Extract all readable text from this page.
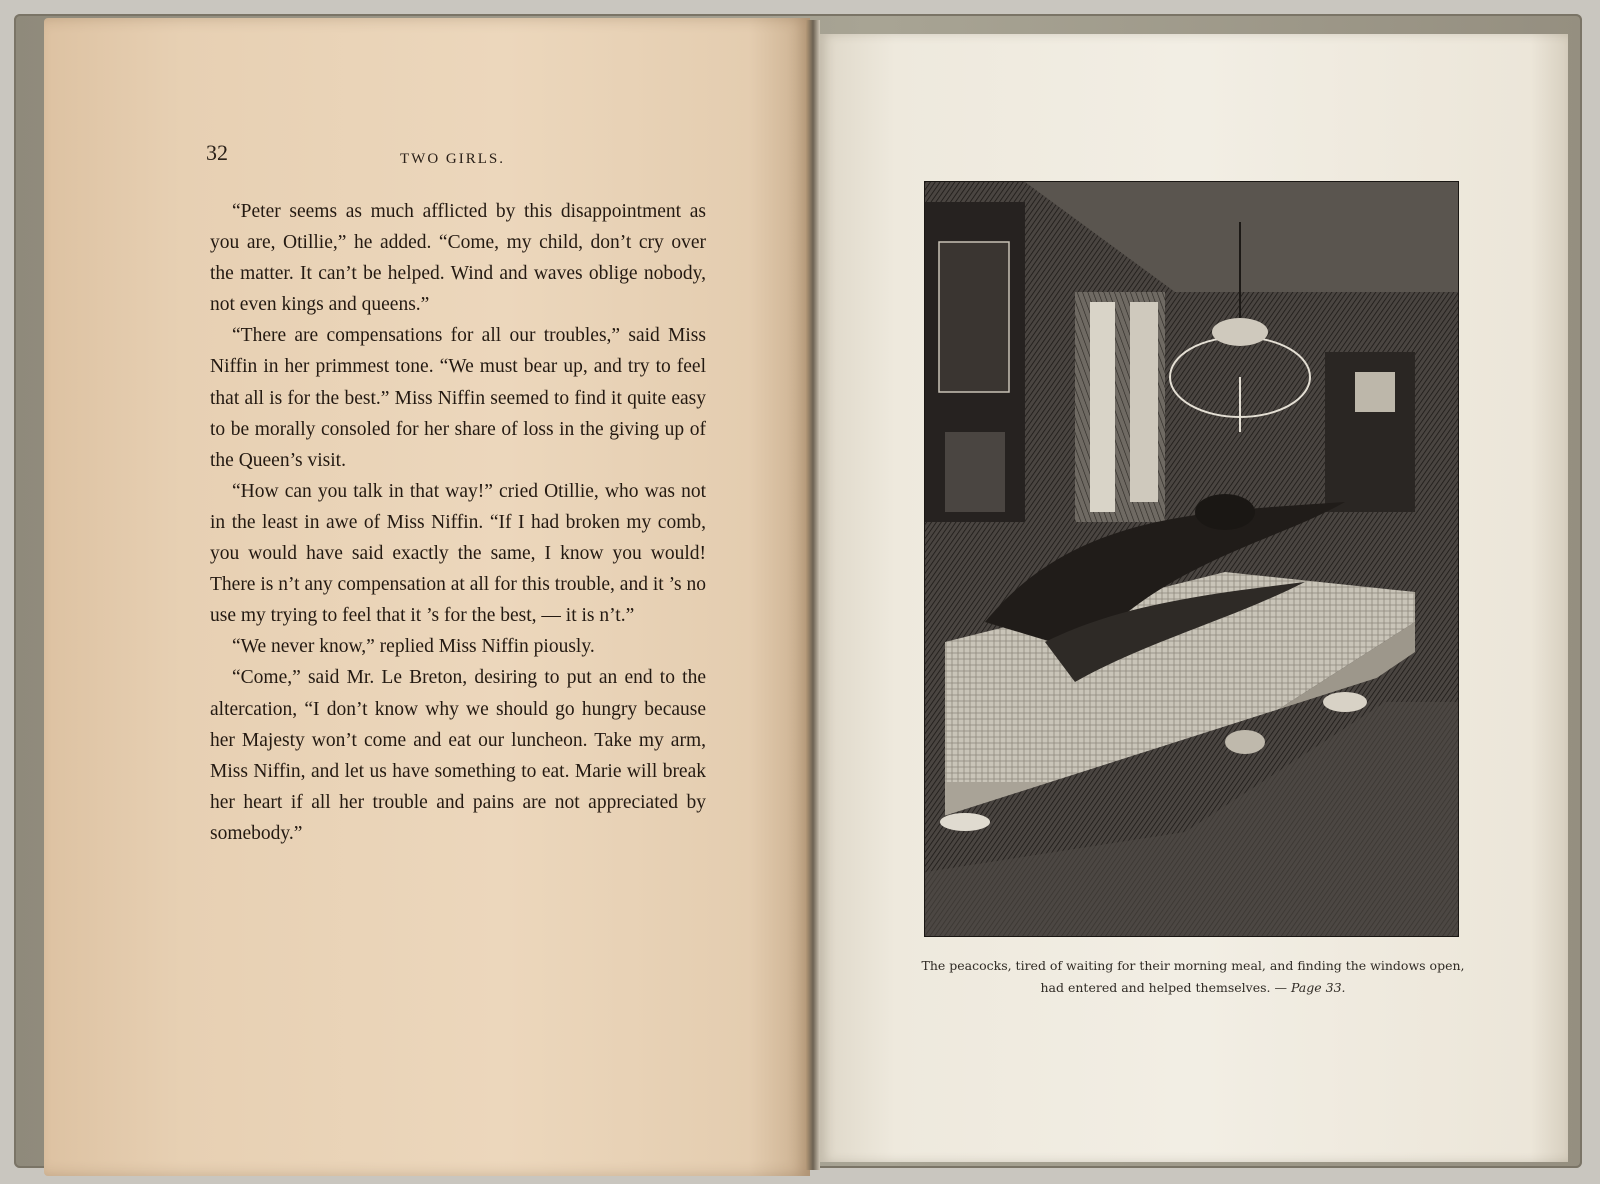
32	TWO GIRLS.

“Peter seems as much afflicted by this disappointment as you are, Otillie,” he added. “Come, my child, don’t cry over the matter. It can’t be helped. Wind and waves oblige nobody, not even kings and queens.”

“There are compensations for all our troubles,” said Miss Niffin in her primmest tone. “We must bear up, and try to feel that all is for the best.” Miss Niffin seemed to find it quite easy to be morally consoled for her share of loss in the giving up of the Queen’s visit.

“How can you talk in that way!” cried Otillie, who was not in the least in awe of Miss Niffin. “If I had broken my comb, you would have said exactly the same, I know you would! There is n’t any compensation at all for this trouble, and it ’s no use my trying to feel that it ’s for the best, — it is n’t.”

“We never know,” replied Miss Niffin piously.

“Come,” said Mr. Le Breton, desiring to put an end to the altercation, “I don’t know why we should go hungry because her Majesty won’t come and eat our luncheon. Take my arm, Miss Niffin, and let us have something to eat. Marie will break her heart if all her trouble and pains are not appreciated by somebody.”

The peacocks, tired of waiting for their morning meal, and finding the windows open, had entered and helped themselves. — Page 33.
